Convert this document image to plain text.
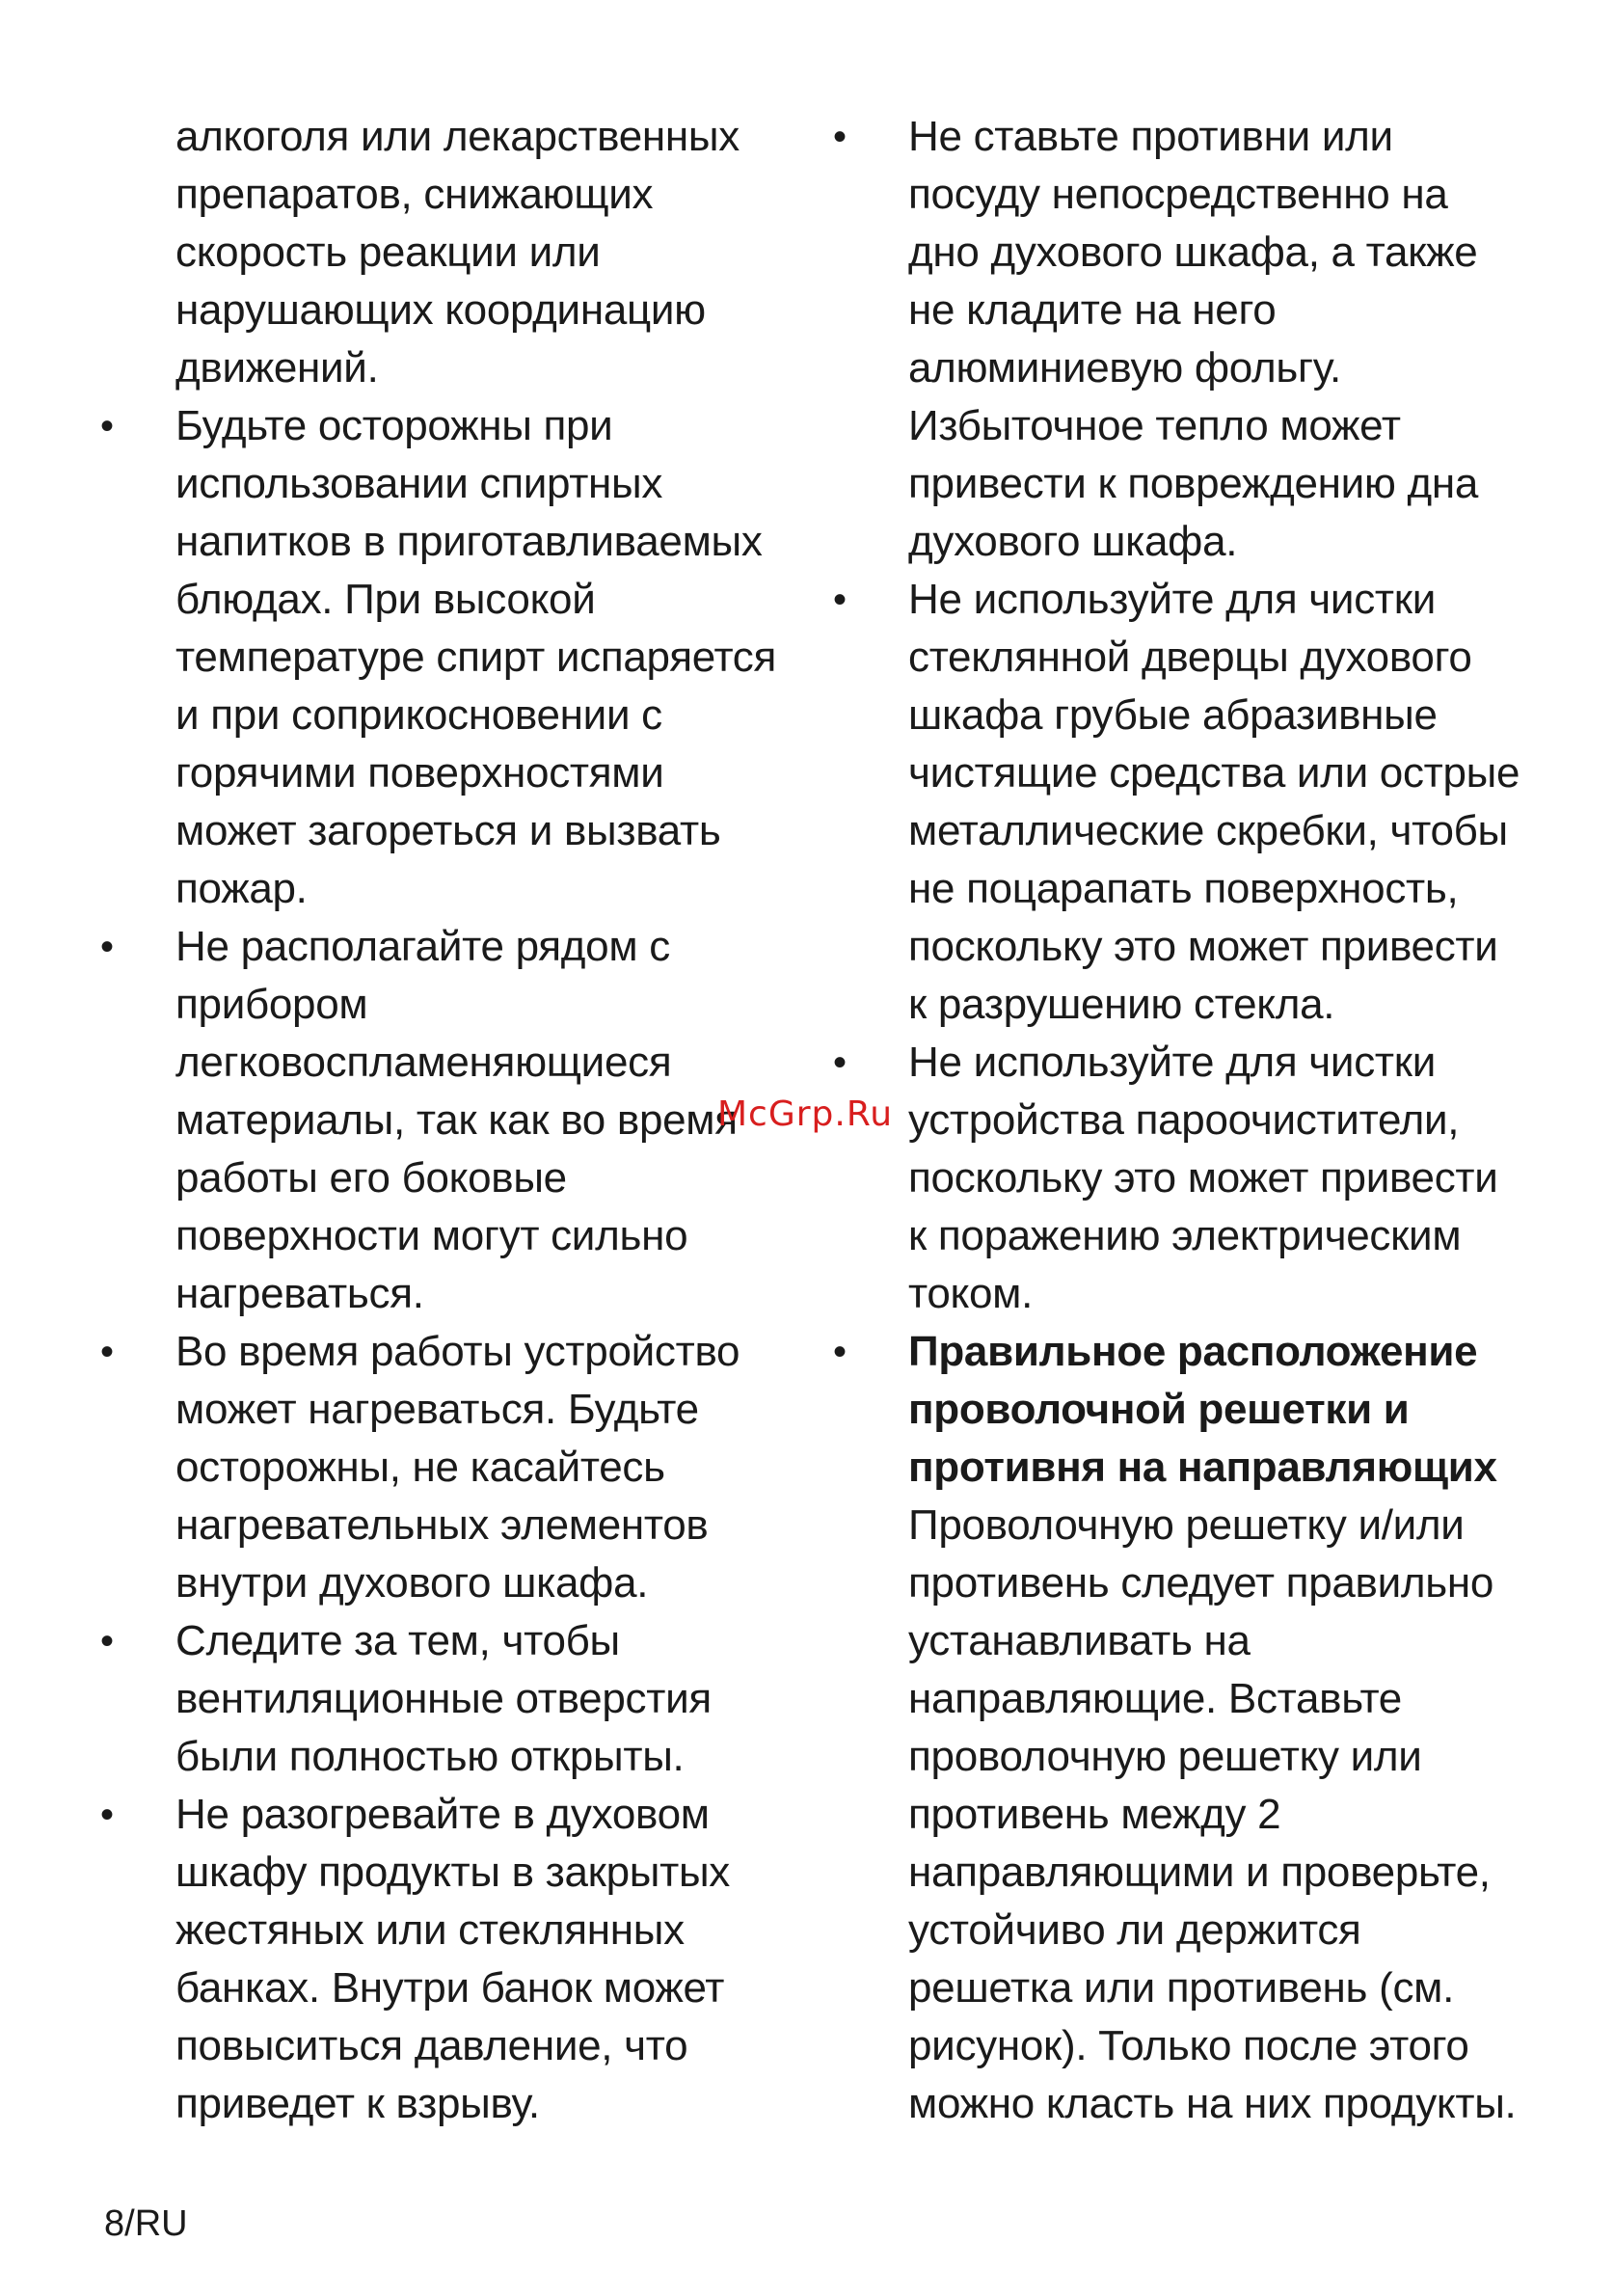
алкоголя или лекарственных
препаратов, снижающих
скорость реакции или
нарушающих координацию
движений.
•	Будьте осторожны при
использовании спиртных
напитков в приготавливаемых
блюдах. При высокой
температуре спирт испаряется
и при соприкосновении с
горячими поверхностями
может загореться и вызвать
пожар.
•	Не располагайте рядом с
прибором
легковоспламеняющиеся
материалы, так как во время
работы его боковые
поверхности могут сильно
нагреваться.
•	Во время работы устройство
может нагреваться. Будьте
осторожны, не касайтесь
нагревательных элементов
внутри духового шкафа.
•	Следите за тем, чтобы
вентиляционные отверстия
были полностью открыты.
•	Не разогревайте в духовом
шкафу продукты в закрытых
жестяных или стеклянных
банках. Внутри банок может
повыситься давление, что
приведет к взрыву.
•	Не ставьте противни или
посуду непосредственно на
дно духового шкафа, а также
не кладите на него
алюминиевую фольгу.
Избыточное тепло может
привести к повреждению дна
духового шкафа.
•	Не используйте для чистки
стеклянной дверцы духового
шкафа грубые абразивные
чистящие средства или острые
металлические скребки, чтобы
не поцарапать поверхность,
поскольку это может привести
к разрушению стекла.
•	Не используйте для чистки
устройства пароочистители,
поскольку это может привести
к поражению электрическим
током.
•	Правильное расположение
проволочной решетки и
противня на направляющих
Проволочную решетку и/или
противень следует правильно
устанавливать на
направляющие. Вставьте
проволочную решетку или
противень между 2
направляющими и проверьте,
устойчиво ли держится
решетка или противень (см.
рисунок). Только после этого
можно класть на них продукты.
McGrp.Ru
8/RU
